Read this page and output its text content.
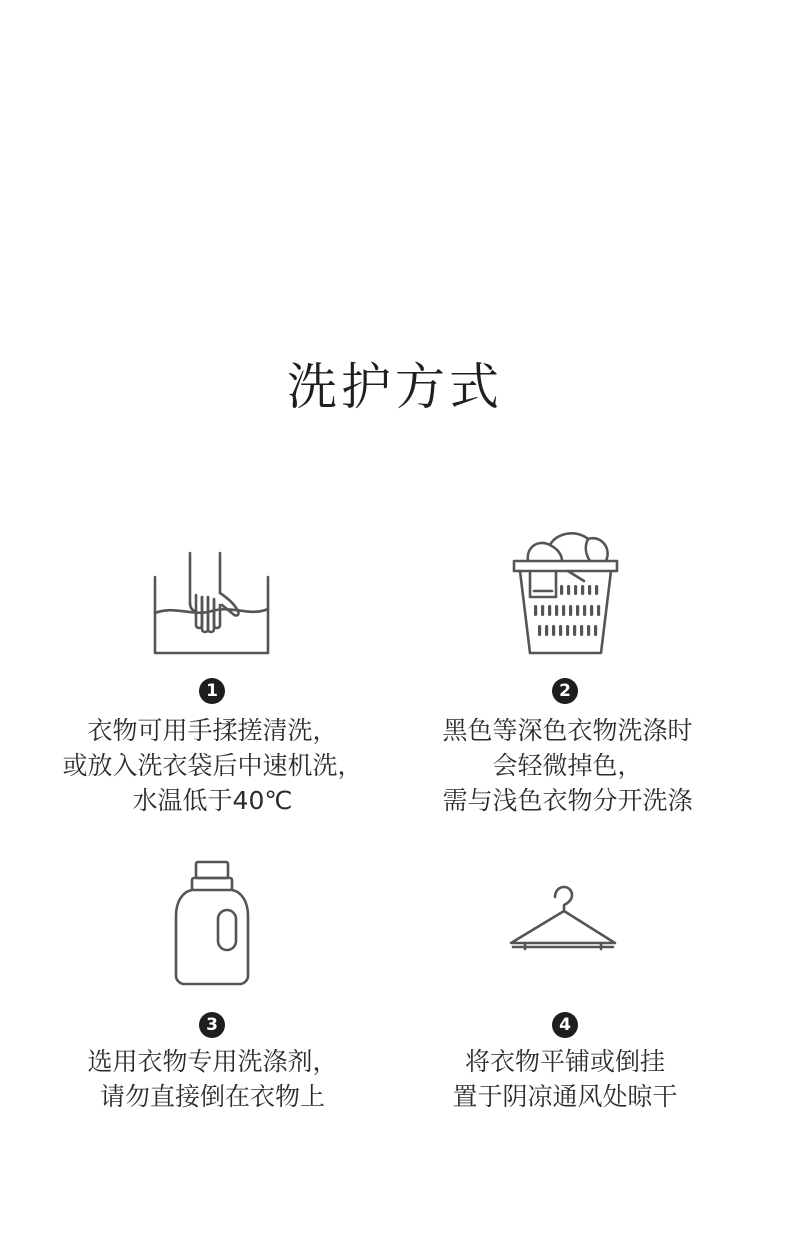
洗护方式
1
衣物可用手揉搓清洗，
或放入洗衣袋后中速机洗，
水温低于40℃
2
黑色等深色衣物洗涤时
会轻微掉色，
需与浅色衣物分开洗涤
3
选用衣物专用洗涤剂，
请勿直接倒在衣物上
4
将衣物平铺或倒挂
置于阴凉通风处晾干
